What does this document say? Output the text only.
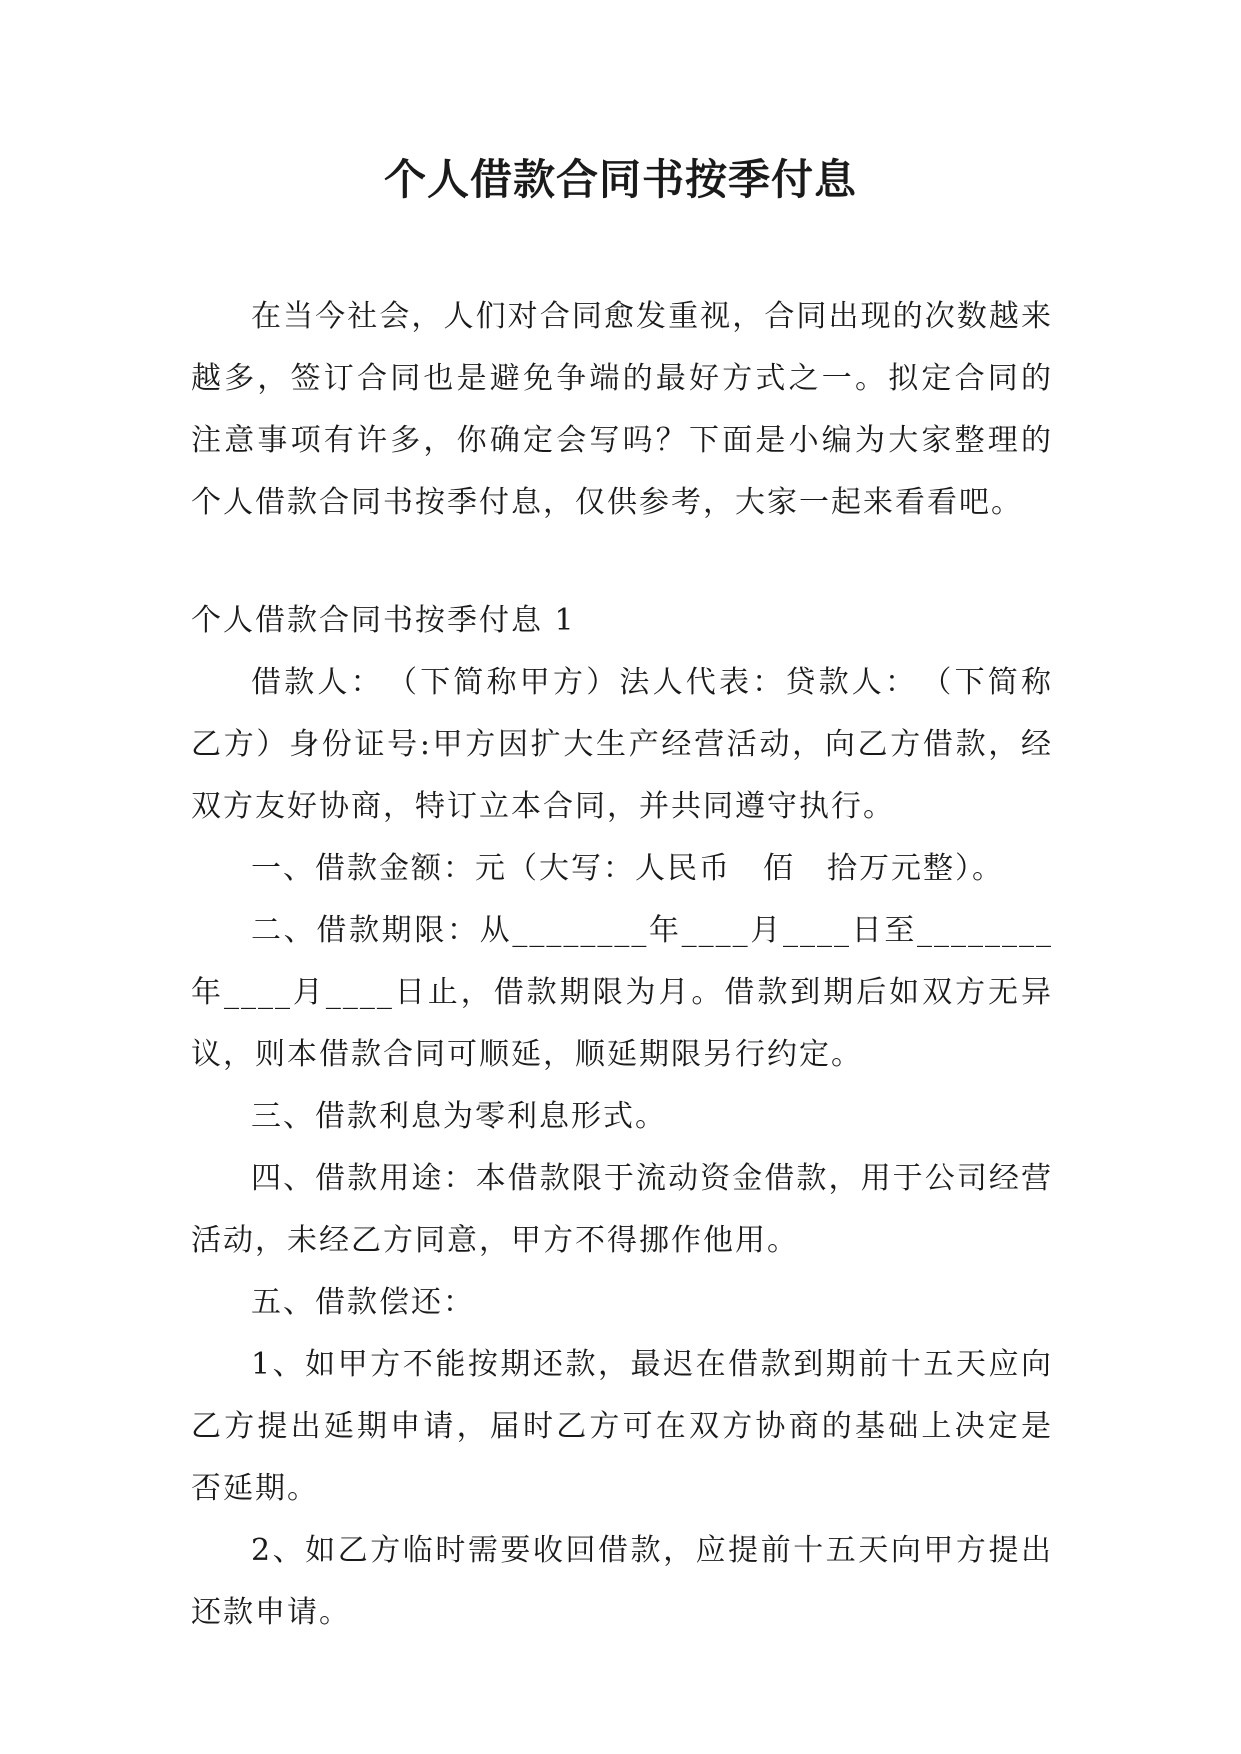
个人借款合同书按季付息

在当今社会，人们对合同愈发重视，合同出现的次数越来越多，签订合同也是避免争端的最好方式之一。拟定合同的注意事项有许多，你确定会写吗？下面是小编为大家整理的个人借款合同书按季付息，仅供参考，大家一起来看看吧。

个人借款合同书按季付息 1

借款人：　（下简称甲方）法人代表：贷款人：　（下简称乙方）身份证号:甲方因扩大生产经营活动，向乙方借款，经双方友好协商，特订立本合同，并共同遵守执行。

一、借款金额：元（大写：人民币　佰　拾万元整）。

二、借款期限：从________年____月____日至________年____月____日止，借款期限为月。借款到期后如双方无异议，则本借款合同可顺延，顺延期限另行约定。

三、借款利息为零利息形式。

四、借款用途：本借款限于流动资金借款，用于公司经营活动，未经乙方同意，甲方不得挪作他用。

五、借款偿还：

1、如甲方不能按期还款，最迟在借款到期前十五天应向乙方提出延期申请，届时乙方可在双方协商的基础上决定是否延期。

2、如乙方临时需要收回借款，应提前十五天向甲方提出还款申请。
